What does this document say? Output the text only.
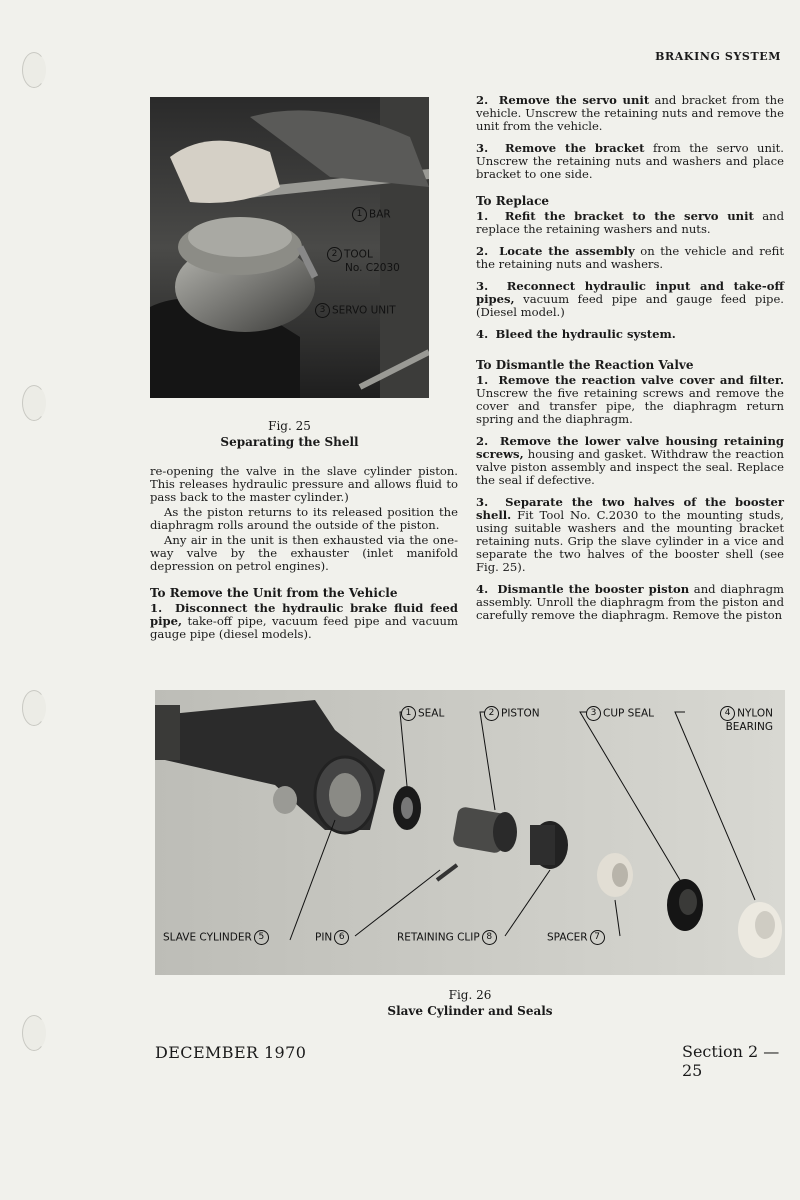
BRAKING SYSTEM
1 BAR
2 TOOL
No. C2030
3 SERVO UNIT
Fig. 25
Separating the Shell

re-opening the valve in the slave cylinder piston. This releases hydraulic pressure and allows fluid to pass back to the master cylinder.)

As the piston returns to its released position the diaphragm rolls around the outside of the piston.

Any air in the unit is then exhausted via the one-way valve by the exhauster (inlet manifold depression on petrol engines).

To Remove the Unit from the Vehicle

1. Disconnect the hydraulic brake fluid feed pipe, take-off pipe, vacuum feed pipe and vacuum gauge pipe (diesel models).

2. Remove the servo unit and bracket from the vehicle. Unscrew the retaining nuts and remove the unit from the vehicle.

3. Remove the bracket from the servo unit. Unscrew the retaining nuts and washers and place bracket to one side.

To Replace

1. Refit the bracket to the servo unit and replace the retaining washers and nuts.

2. Locate the assembly on the vehicle and refit the retaining nuts and washers.

3. Reconnect hydraulic input and take-off pipes, vacuum feed pipe and gauge feed pipe. (Diesel model.)

4. Bleed the hydraulic system.

To Dismantle the Reaction Valve

1. Remove the reaction valve cover and filter. Unscrew the five retaining screws and remove the cover and transfer pipe, the diaphragm return spring and the diaphragm.

2. Remove the lower valve housing retaining screws, housing and gasket. Withdraw the reaction valve piston assembly and inspect the seal. Replace the seal if defective.

3. Separate the two halves of the booster shell. Fit Tool No. C.2030 to the mounting studs, using suitable washers and the mounting bracket retaining nuts. Grip the slave cylinder in a vice and separate the two halves of the booster shell (see Fig. 25).

4. Dismantle the booster piston and diaphragm assembly. Unroll the diaphragm from the piston and carefully remove the diaphragm. Remove the piston

1 SEAL	2 PISTON	3 CUP SEAL	4 NYLON
BEARING
SLAVE CYLINDER 5	PIN 6	RETAINING CLIP 8	SPACER 7
Fig. 26
Slave Cylinder and Seals
DECEMBER 1970	Section 2 — 25
